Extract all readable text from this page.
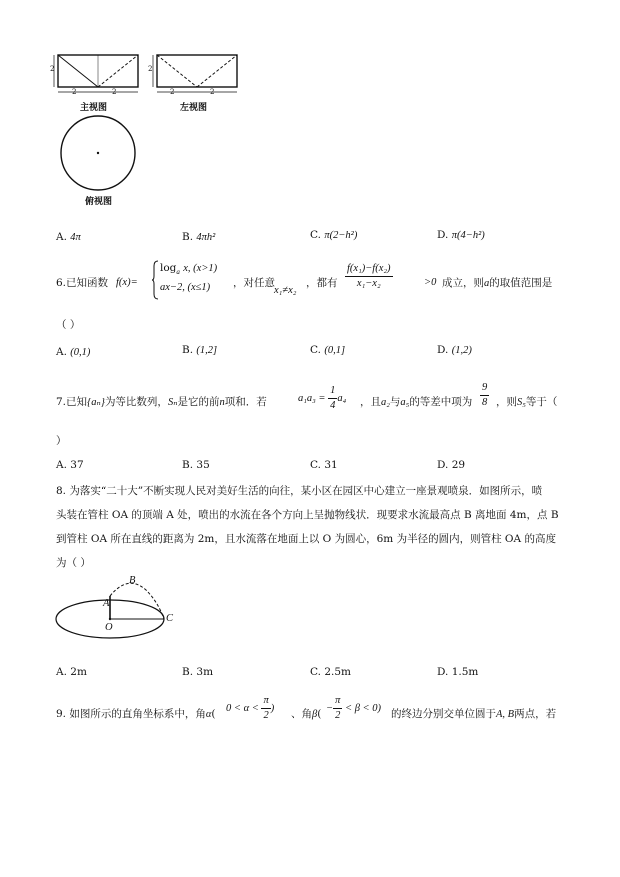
2
2	2
主视图
2
2	2
左视图
俯视图
A. 4π	B. 4πh²	C. π(2−h²)	D. π(4−h²)
6.已知函数 f(x)=
$\log_a x$, (x>1)
ax−2, (x≤1) ，对任意
x₁≠x₂
，都有 $\frac{\text{f(x₁)−f(x₂)}}{\text{x₁−x₂}}$	>0 成立，则a的取值范围是
（ ）
A. (0,1)	B. (1,2]	C. (0,1]	D. (1,2)
7.已知{aₙ}为等比数列，Sₙ是它的前n项和．若	$a_1a_3 = \frac{1}{4} a_4$ ，且a₂与a₅的等差中项为 $\frac{9}{8}$ ，则S₅等于（
）
A. 37	B. 35	C. 31	D. 29
8. 为落实“二十大”不断实现人民对美好生活的向往，某小区在园区中心建立一座景观喷泉．如图所示，喷
头装在管柱 OA 的顶端 A 处，喷出的水流在各个方向上呈抛物线状．现要求水流最高点 B 离地面 4m，点 B
到管柱 OA 所在直线的距离为 2m，且水流落在地面上以 O 为圆心，6m 为半径的圆内，则管柱 OA 的高度
为（ ）
B
A
O
C
A. 2m	B. 3m	C. 2.5m	D. 1.5m
9. 如图所示的直角坐标系中，角α( $0 < \alpha < \frac{\pi}{2}$ ) 、角$\beta( - \frac{\pi}{2} < \beta < 0)$ 的终边分别交单位圆于A, B两点，若
